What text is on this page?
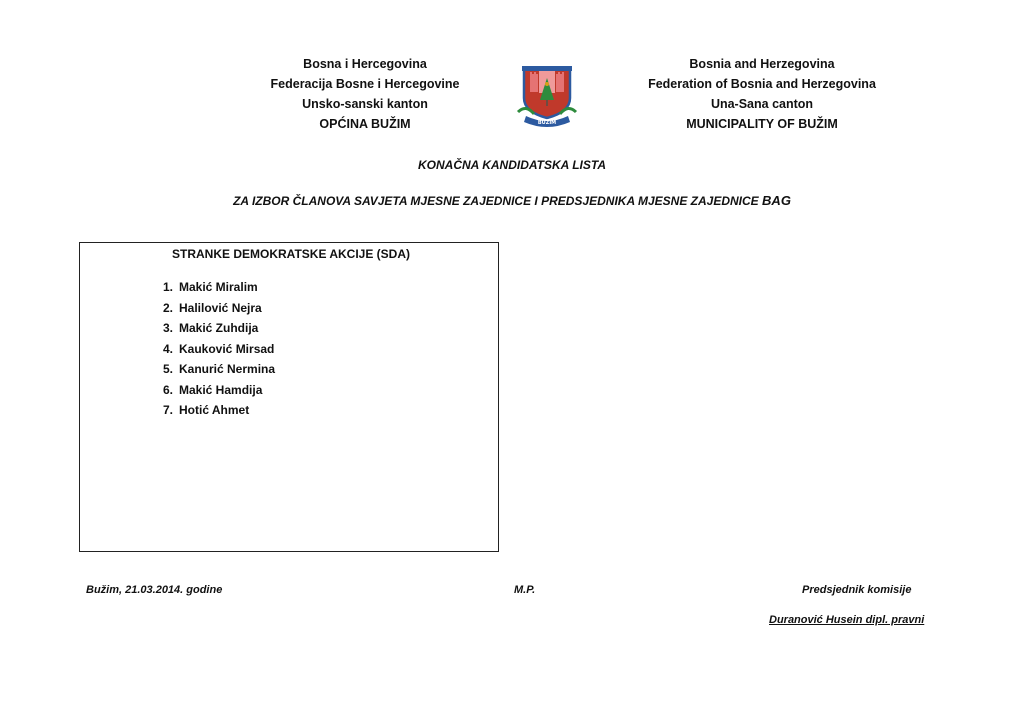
Bosna i Hercegovina
Federacija Bosne i Hercegovine
Unsko-sanski kanton
OPĆINA BUŽIM	BUŽIM
Bosnia and Herzegovina
Federation of Bosnia and Herzegovina
Una-Sana canton
MUNICIPALITY OF BUŽIM
KONAČNA KANDIDATSKA LISTA
ZA IZBOR ČLANOVA SAVJETA MJESNE ZAJEDNICE I PREDSJEDNIKA MJESNE ZAJEDNICE BAG
STRANKE DEMOKRATSKE AKCIJE (SDA)
1. Makić Miralim
2. Halilović Nejra
3. Makić Zuhdija
4. Kauković Mirsad
5. Kanurić Nermina
6. Makić Hamdija
7. Hotić Ahmet
Bužim, 21.03.2014. godine	M.P.	Predsjednik komisije
Duranović Husein dipl. pravni
